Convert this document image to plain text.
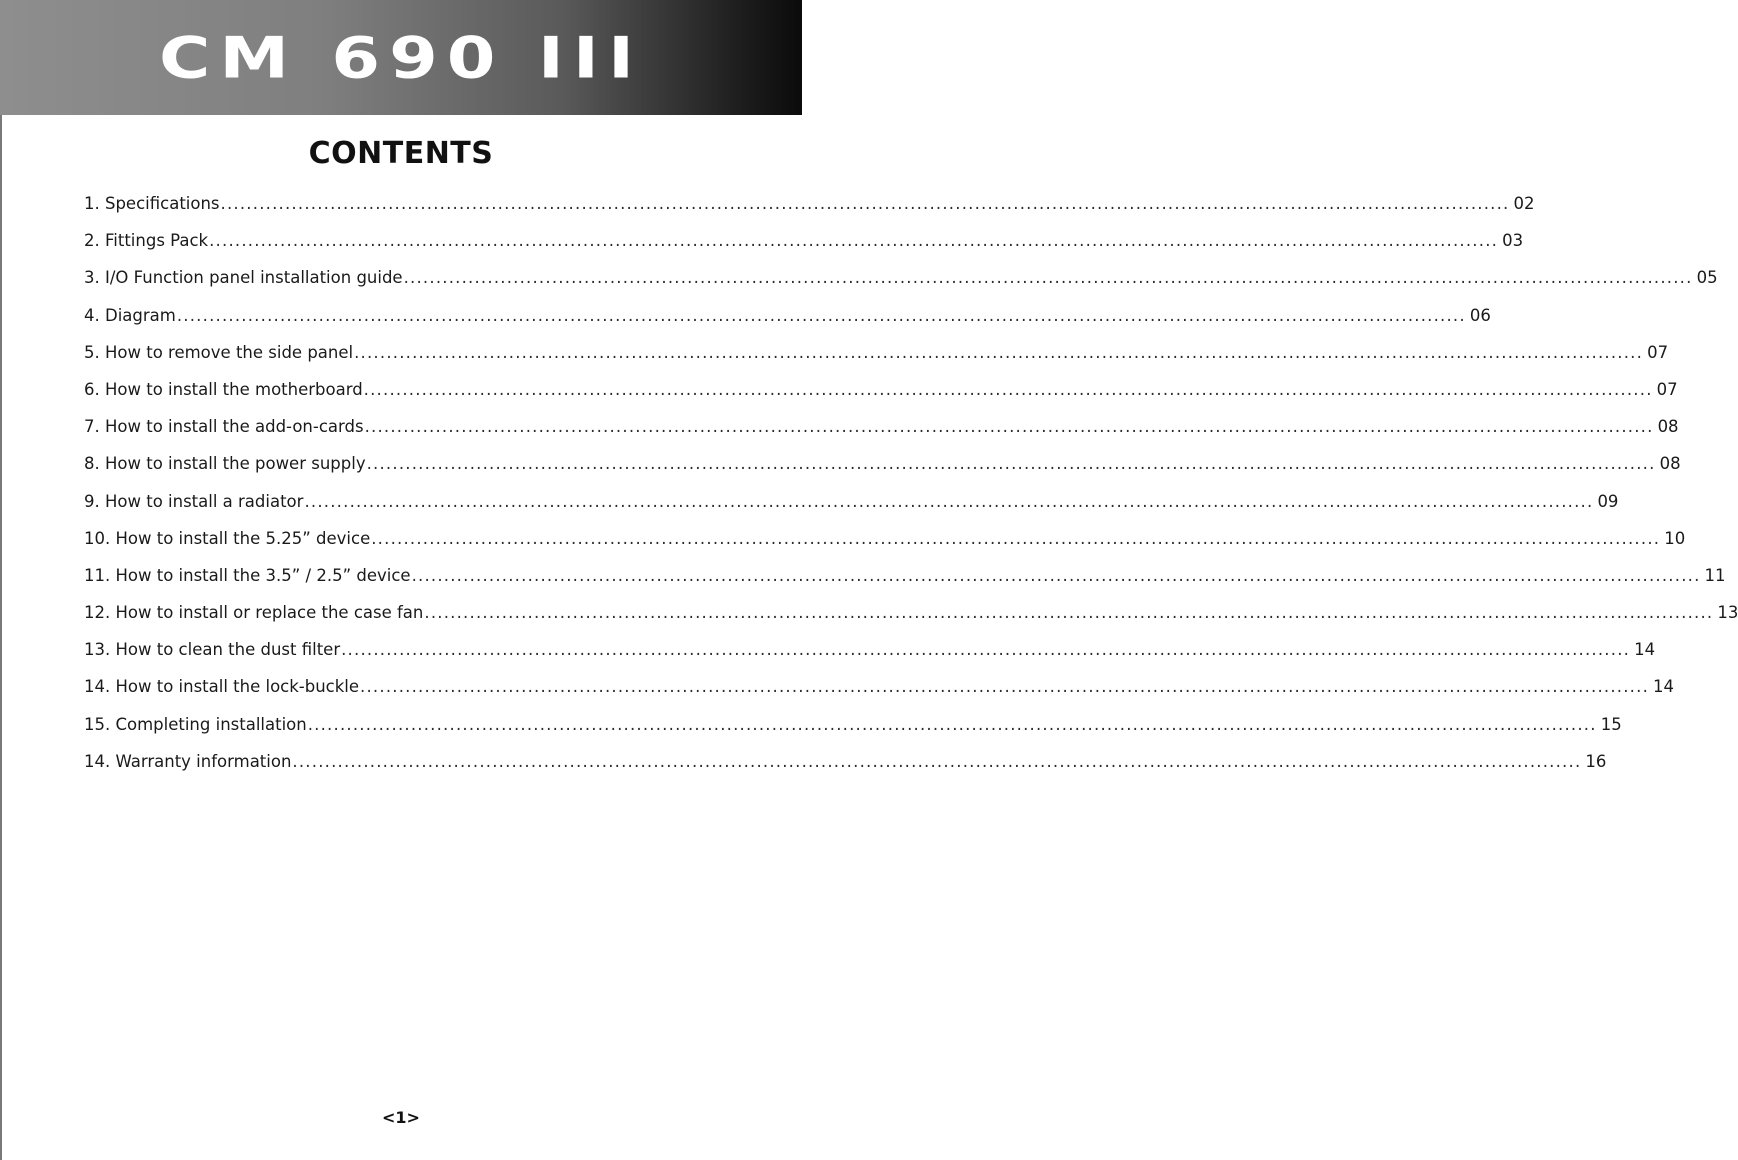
CM 690 III
CONTENTS
1. Specifications ........................................................................................................................................................................................................ 02
2. Fittings Pack ........................................................................................................................................................................................................ 03
3. I/O Function panel installation guide ........................................................................................................................................................................................................ 05
4. Diagram ........................................................................................................................................................................................................ 06
5. How to remove the side panel ........................................................................................................................................................................................................ 07
6. How to install the motherboard ........................................................................................................................................................................................................ 07
7. How to install the add-on-cards ........................................................................................................................................................................................................ 08
8. How to install the power supply ........................................................................................................................................................................................................ 08
9. How to install a radiator ........................................................................................................................................................................................................ 09
10. How to install the 5.25” device ........................................................................................................................................................................................................ 10
11. How to install the 3.5” / 2.5” device ........................................................................................................................................................................................................ 11
12. How to install or replace the case fan ........................................................................................................................................................................................................ 13
13. How to clean the dust filter ........................................................................................................................................................................................................ 14
14. How to install the lock-buckle ........................................................................................................................................................................................................ 14
15. Completing installation ........................................................................................................................................................................................................ 15
14. Warranty information ........................................................................................................................................................................................................ 16
<1>
